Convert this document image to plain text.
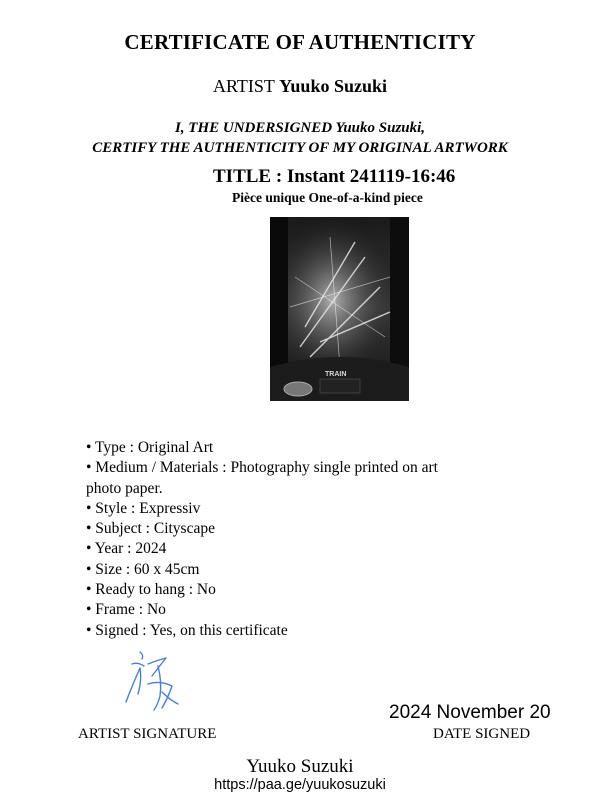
CERTIFICATE OF AUTHENTICITY
ARTIST Yuuko Suzuki
I, THE UNDERSIGNED Yuuko Suzuki,
CERTIFY THE AUTHENTICITY OF MY ORIGINAL ARTWORK
TITLE : Instant 241119-16:46
Pièce unique One-of-a-kind piece
TRAIN
• Type : Original Art
• Medium / Materials : Photography single printed on art
photo paper.
• Style : Expressiv
• Subject : Cityscape
• Year : 2024
• Size : 60 x 45cm
• Ready to hang : No
• Frame : No
• Signed : Yes, on this certificate
2024 November 20
ARTIST SIGNATURE	DATE SIGNED
Yuuko Suzuki
https://paa.ge/yuukosuzuki
